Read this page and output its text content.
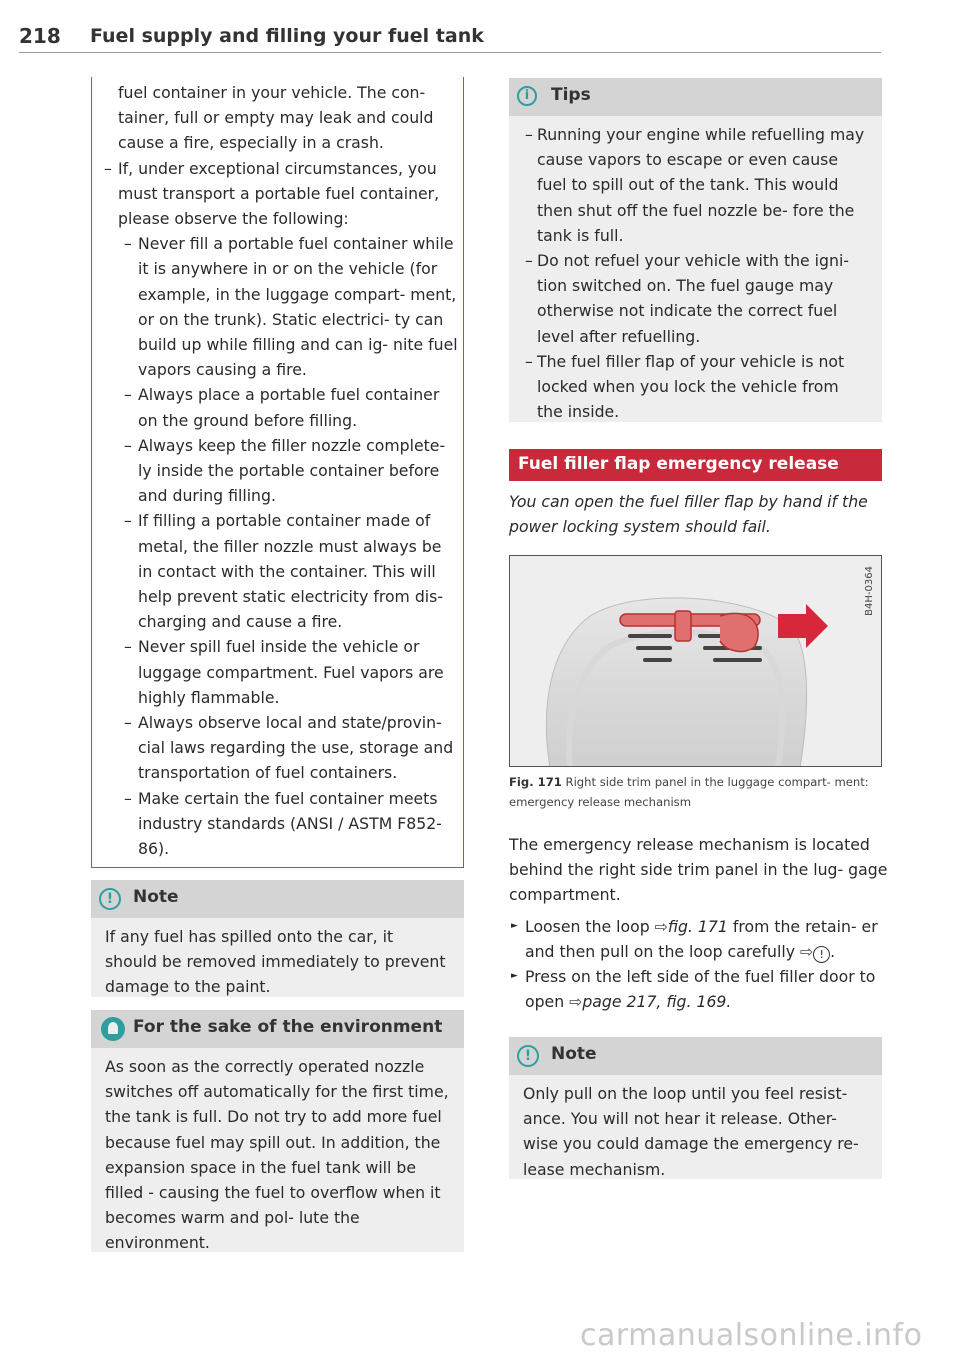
218 Fuel supply and filling your fuel tank
fuel container in your vehicle. The con-
tainer, full or empty may leak and could
cause a fire, especially in a crash.
– If, under exceptional circumstances, you must transport a portable fuel container, please observe the following:
– Never fill a portable fuel container while it is anywhere in or on the vehicle (for example, in the luggage compart- ment, or on the trunk). Static electrici- ty can build up while filling and can ig- nite fuel vapors causing a fire.
– Always place a portable fuel container on the ground before filling.
– Always keep the filler nozzle complete- ly inside the portable container before and during filling.
– If filling a portable container made of metal, the filler nozzle must always be in contact with the container. This will help prevent static electricity from dis- charging and cause a fire.
– Never spill fuel inside the vehicle or luggage compartment. Fuel vapors are highly flammable.
– Always observe local and state/provin- cial laws regarding the use, storage and transportation of fuel containers.
– Make certain the fuel container meets industry standards (ANSI / ASTM F852-86).
!	Note
If any fuel has spilled onto the car, it should be removed immediately to prevent damage to the paint.
For the sake of the environment
As soon as the correctly operated nozzle switches off automatically for the first time, the tank is full. Do not try to add more fuel because fuel may spill out. In addition, the expansion space in the fuel tank will be filled - causing the fuel to overflow when it becomes warm and pol- lute the environment.
i	Tips
– Running your engine while refuelling may cause vapors to escape or even cause fuel to spill out of the tank. This would then shut off the fuel nozzle be- fore the tank is full.
– Do not refuel your vehicle with the igni- tion switched on. The fuel gauge may otherwise not indicate the correct fuel level after refuelling.
– The fuel filler flap of your vehicle is not locked when you lock the vehicle from the inside.
Fuel filler flap emergency release
You can open the fuel filler flap by hand if the power locking system should fail.
B4H-0364
Fig. 171 Right side trim panel in the luggage compart- ment: emergency release mechanism
The emergency release mechanism is located behind the right side trim panel in the lug- gage compartment.
► Loosen the loop ⇨fig. 171 from the retain- er and then pull on the loop carefully ⇨ ! .
► Press on the left side of the fuel filler door to open ⇨page 217, fig. 169.
!	Note
Only pull on the loop until you feel resist- ance. You will not hear it release. Other- wise you could damage the emergency re- lease mechanism.
carmanualsonline.info
